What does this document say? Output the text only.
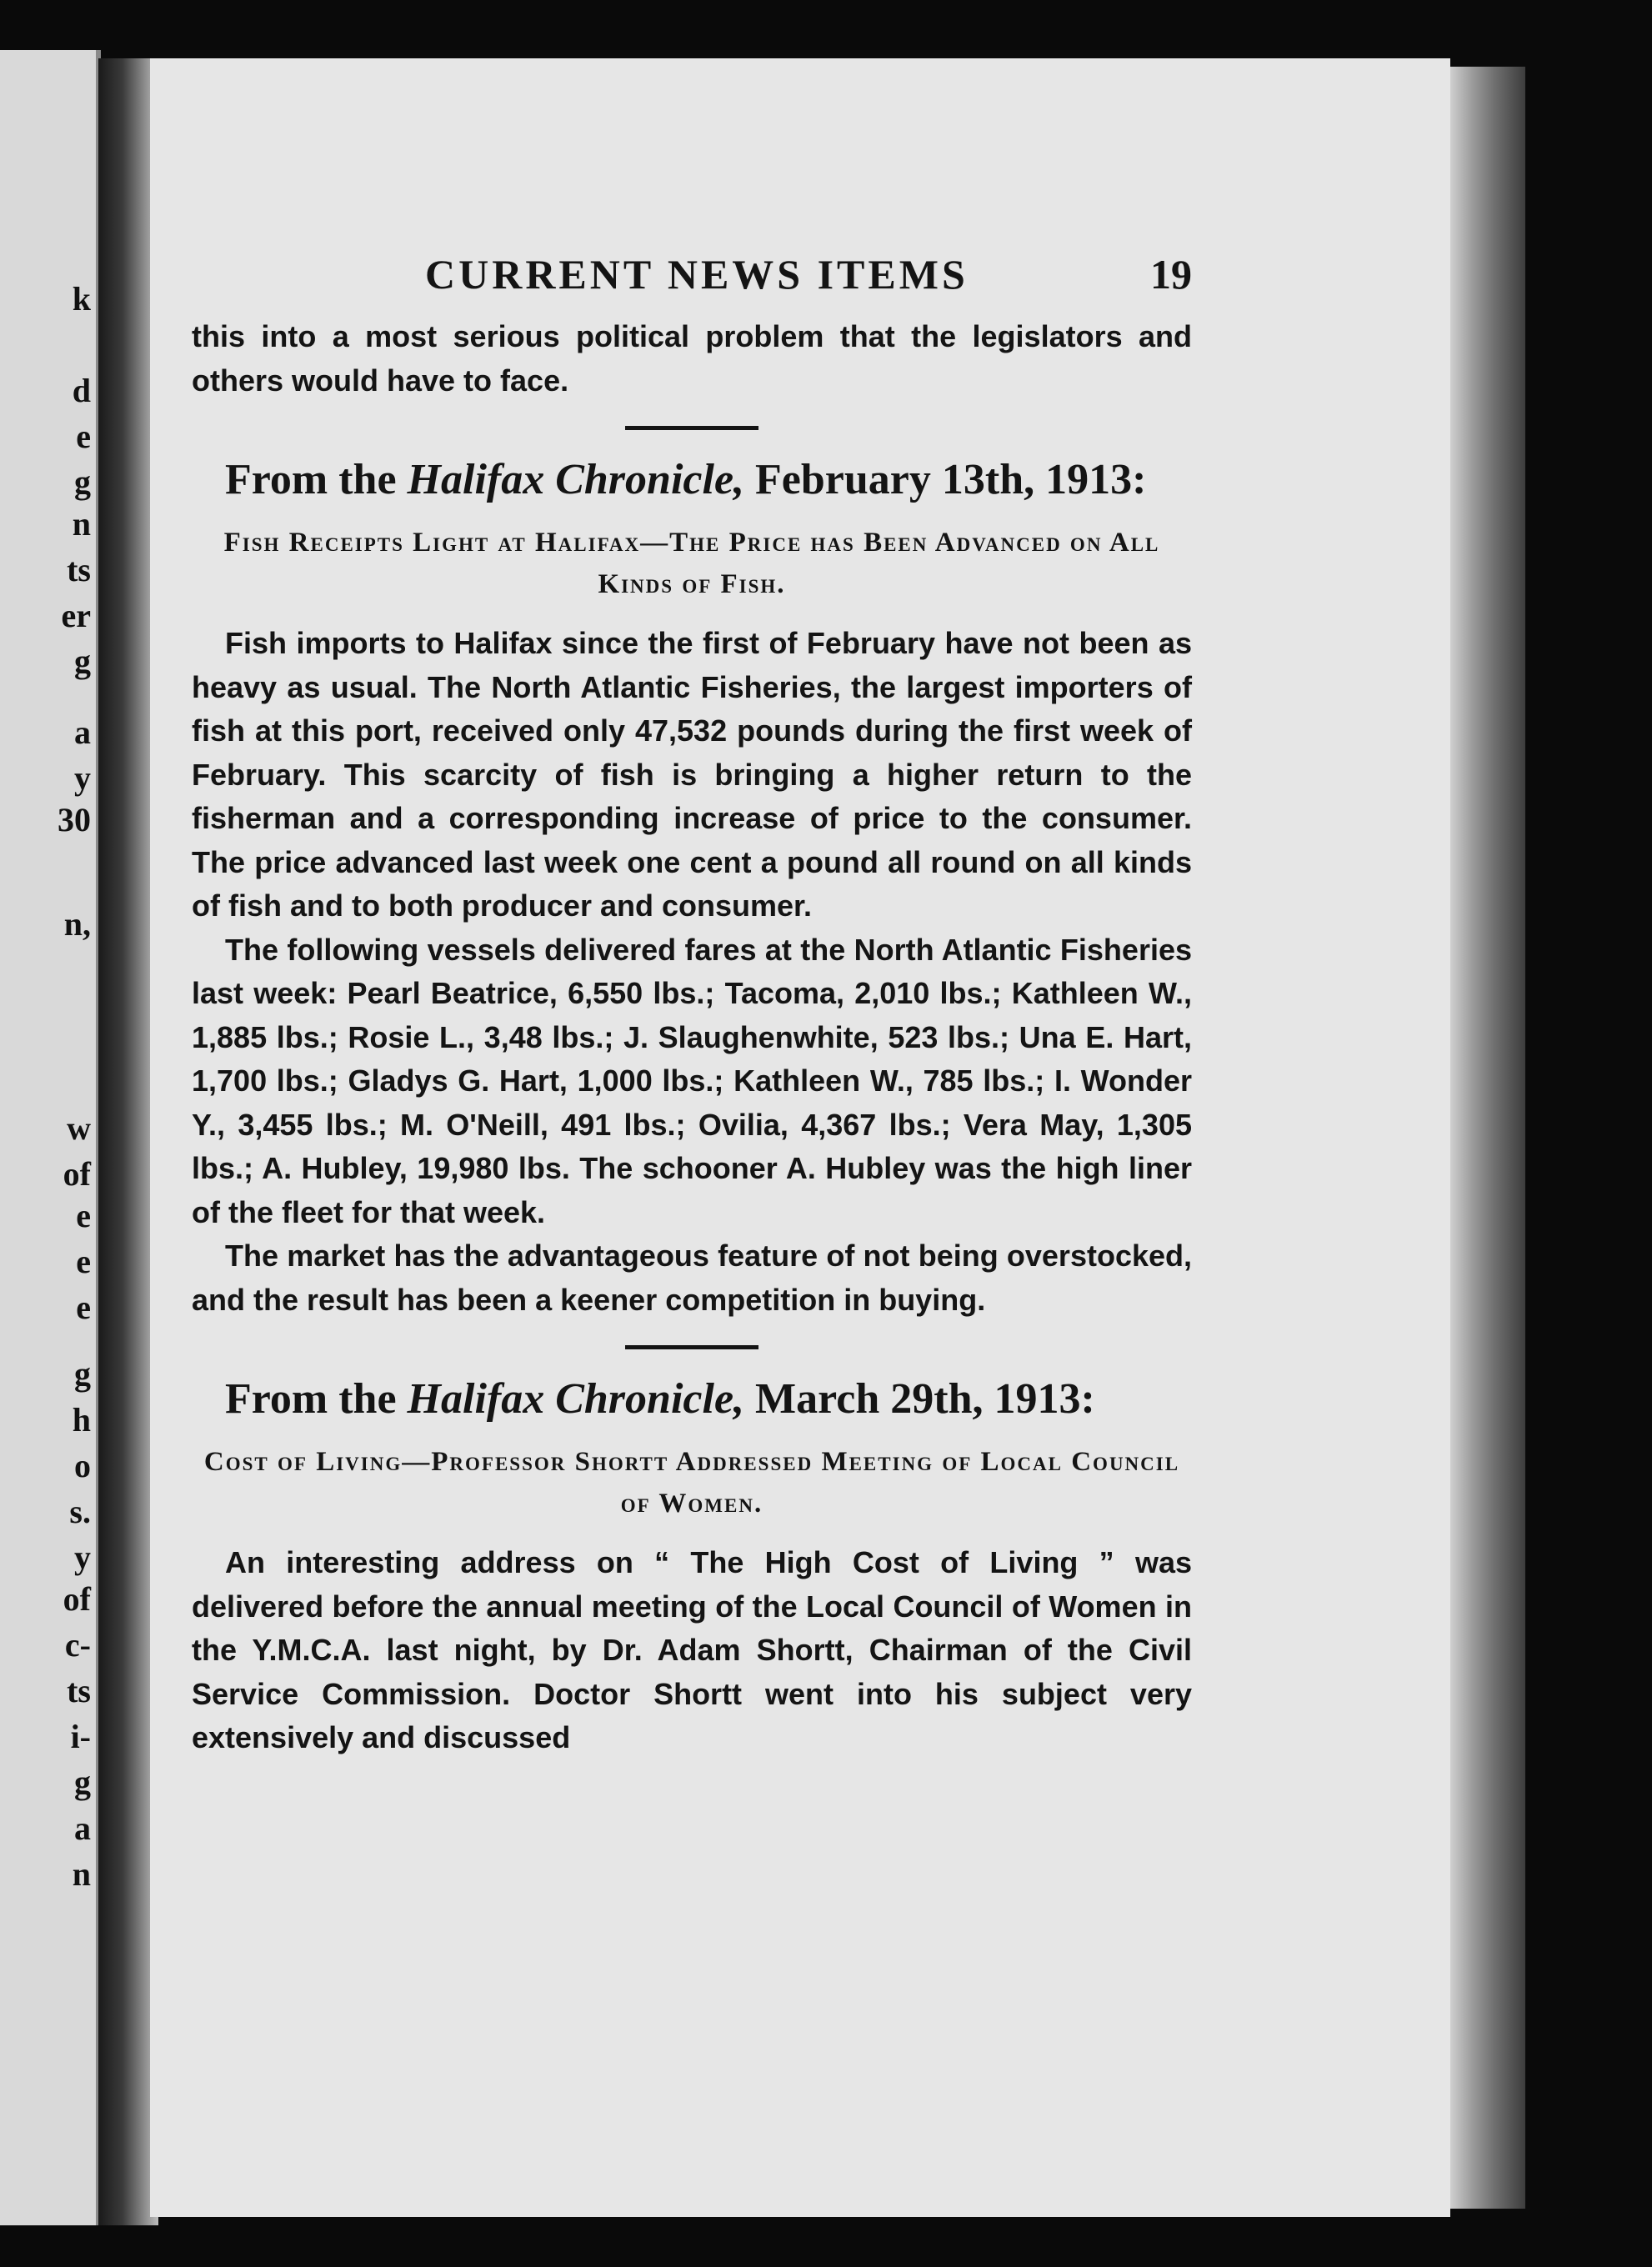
k
d
e
g
n
ts
er
g
a
y
30
n,
w
of
e
e
e
g
h
o
s.
y
of
c-
ts
i-
g
a
n
CURRENT NEWS ITEMS	19

this into a most serious political problem that the legislators and others would have to face.

From the Halifax Chronicle, February 13th, 1913:

Fish Receipts Light at Halifax—The Price has Been Advanced on All Kinds of Fish.

Fish imports to Halifax since the first of February have not been as heavy as usual. The North Atlantic Fisheries, the largest importers of fish at this port, received only 47,532 pounds during the first week of February. This scarcity of fish is bringing a higher return to the fisherman and a corresponding increase of price to the consumer. The price advanced last week one cent a pound all round on all kinds of fish and to both producer and consumer.

The following vessels delivered fares at the North Atlantic Fisheries last week: Pearl Beatrice, 6,550 lbs.; Tacoma, 2,010 lbs.; Kathleen W., 1,885 lbs.; Rosie L., 3,48 lbs.; J. Slaughenwhite, 523 lbs.; Una E. Hart, 1,700 lbs.; Gladys G. Hart, 1,000 lbs.; Kathleen W., 785 lbs.; I. Wonder Y., 3,455 lbs.; M. O'Neill, 491 lbs.; Ovilia, 4,367 lbs.; Vera May, 1,305 lbs.; A. Hubley, 19,980 lbs. The schooner A. Hubley was the high liner of the fleet for that week.

The market has the advantageous feature of not being overstocked, and the result has been a keener competition in buying.

From the Halifax Chronicle, March 29th, 1913:

Cost of Living—Professor Shortt Addressed Meeting of Local Council of Women.

An interesting address on “ The High Cost of Living ” was delivered before the annual meeting of the Local Council of Women in the Y.M.C.A. last night, by Dr. Adam Shortt, Chairman of the Civil Service Commission. Doctor Shortt went into his subject very extensively and discussed
